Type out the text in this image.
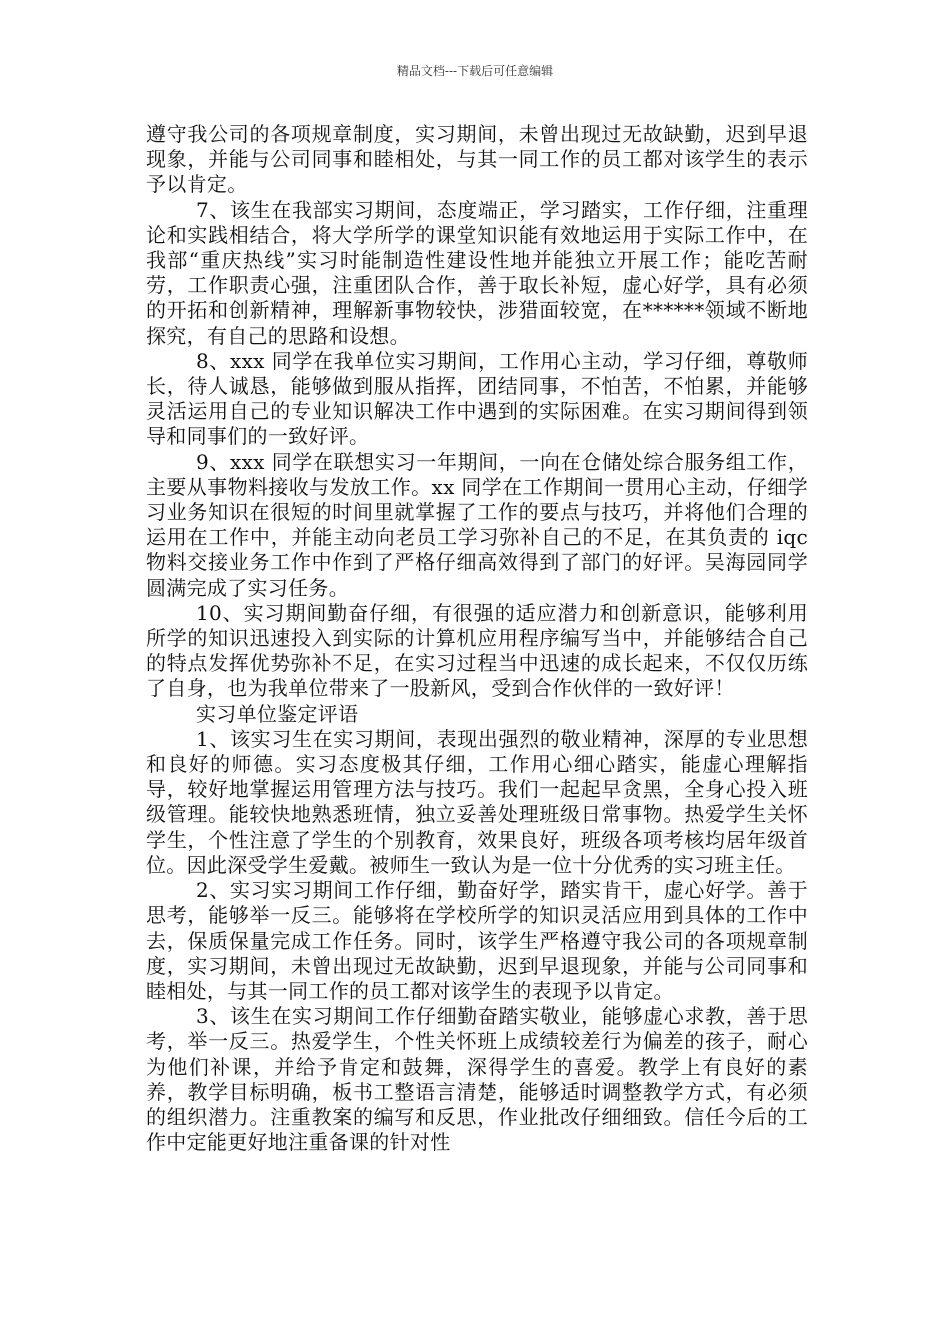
精品文档---下载后可任意编辑

遵守我公司的各项规章制度，实习期间，未曾出现过无故缺勤，迟到早退现象，并能与公司同事和睦相处，与其一同工作的员工都对该学生的表示予以肯定。

7、该生在我部实习期间，态度端正，学习踏实，工作仔细，注重理论和实践相结合，将大学所学的课堂知识能有效地运用于实际工作中，在我部“重庆热线”实习时能制造性建设性地并能独立开展工作；能吃苦耐劳，工作职责心强，注重团队合作，善于取长补短，虚心好学，具有必须的开拓和创新精神，理解新事物较快，涉猎面较宽，在******领域不断地探究，有自己的思路和设想。

8、xxx 同学在我单位实习期间，工作用心主动，学习仔细，尊敬师长，待人诚恳，能够做到服从指挥，团结同事，不怕苦，不怕累，并能够灵活运用自己的专业知识解决工作中遇到的实际困难。在实习期间得到领导和同事们的一致好评。

9、xxx 同学在联想实习一年期间，一向在仓储处综合服务组工作，主要从事物料接收与发放工作。xx 同学在工作期间一贯用心主动，仔细学习业务知识在很短的时间里就掌握了工作的要点与技巧，并将他们合理的运用在工作中，并能主动向老员工学习弥补自己的不足，在其负责的 iqc 物料交接业务工作中作到了严格仔细高效得到了部门的好评。吴海园同学圆满完成了实习任务。

10、实习期间勤奋仔细，有很强的适应潜力和创新意识，能够利用所学的知识迅速投入到实际的计算机应用程序编写当中，并能够结合自己的特点发挥优势弥补不足，在实习过程当中迅速的成长起来，不仅仅历练了自身，也为我单位带来了一股新风，受到合作伙伴的一致好评！

实习单位鉴定评语

1、该实习生在实习期间，表现出强烈的敬业精神，深厚的专业思想和良好的师德。实习态度极其仔细，工作用心细心踏实，能虚心理解指导，较好地掌握运用管理方法与技巧。我们一起起早贪黑，全身心投入班级管理。能较快地熟悉班情，独立妥善处理班级日常事物。热爱学生关怀学生，个性注意了学生的个别教育，效果良好，班级各项考核均居年级首位。因此深受学生爱戴。被师生一致认为是一位十分优秀的实习班主任。

2、实习实习期间工作仔细，勤奋好学，踏实肯干，虚心好学。善于思考，能够举一反三。能够将在学校所学的知识灵活应用到具体的工作中去，保质保量完成工作任务。同时，该学生严格遵守我公司的各项规章制度，实习期间，未曾出现过无故缺勤，迟到早退现象，并能与公司同事和睦相处，与其一同工作的员工都对该学生的表现予以肯定。

3、该生在实习期间工作仔细勤奋踏实敬业，能够虚心求教，善于思考，举一反三。热爱学生，个性关怀班上成绩较差行为偏差的孩子，耐心为他们补课，并给予肯定和鼓舞，深得学生的喜爱。教学上有良好的素养，教学目标明确，板书工整语言清楚，能够适时调整教学方式，有必须的组织潜力。注重教案的编写和反思，作业批改仔细细致。信任今后的工作中定能更好地注重备课的针对性
